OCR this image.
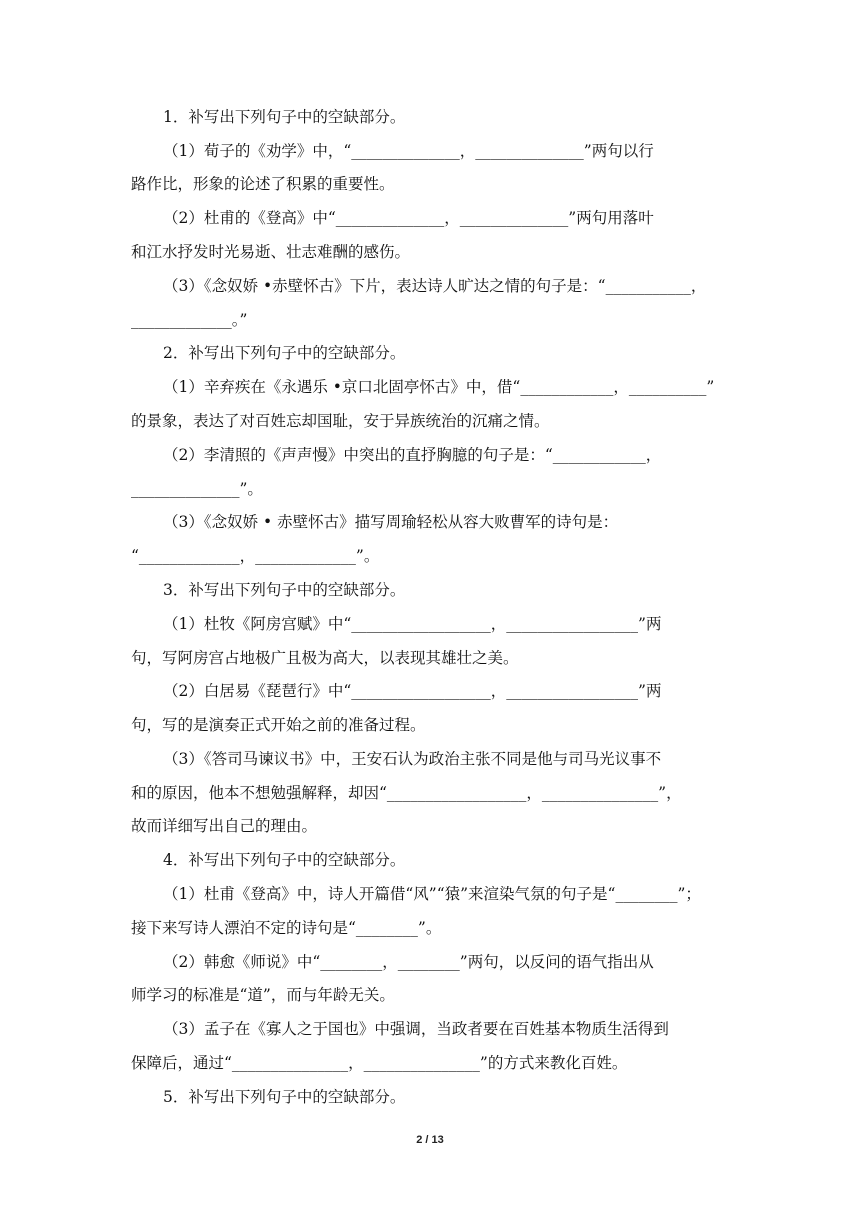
1．补写出下列句子中的空缺部分。
（1）荀子的《劝学》中，“______________，______________”两句以行
路作比，形象的论述了积累的重要性。
（2）杜甫的《登高》中“______________，______________”两句用落叶
和江水抒发时光易逝、壮志难酬的感伤。
（3）《念奴娇 •赤壁怀古》下片，表达诗人旷达之情的句子是：“___________，
_____________。”
2．补写出下列句子中的空缺部分。
（1）辛弃疾在《永遇乐 •京口北固亭怀古》中，借“____________，__________”
的景象，表达了对百姓忘却国耻，安于异族统治的沉痛之情。
（2）李清照的《声声慢》中突出的直抒胸臆的句子是：“____________，
______________”。
（3）《念奴娇 • 赤壁怀古》描写周瑜轻松从容大败曹军的诗句是：
“_____________，_____________”。
3．补写出下列句子中的空缺部分。
（1）杜牧《阿房宫赋》中“__________________，_________________”两
句，写阿房宫占地极广且极为高大，以表现其雄壮之美。
（2）白居易《琵琶行》中“__________________，_________________”两
句，写的是演奏正式开始之前的准备过程。
（3）《答司马谏议书》中，王安石认为政治主张不同是他与司马光议事不
和的原因，他本不想勉强解释，却因“__________________，_______________”，
故而详细写出自己的理由。
4．补写出下列句子中的空缺部分。
（1）杜甫《登高》中，诗人开篇借“风”“猿”来渲染气氛的句子是“________”；
接下来写诗人漂泊不定的诗句是“________”。
（2）韩愈《师说》中“________，________”两句，以反问的语气指出从
师学习的标准是“道”，而与年龄无关。
（3）孟子在《寡人之于国也》中强调，当政者要在百姓基本物质生活得到
保障后，通过“_______________，_______________”的方式来教化百姓。
5．补写出下列句子中的空缺部分。
2 / 13
